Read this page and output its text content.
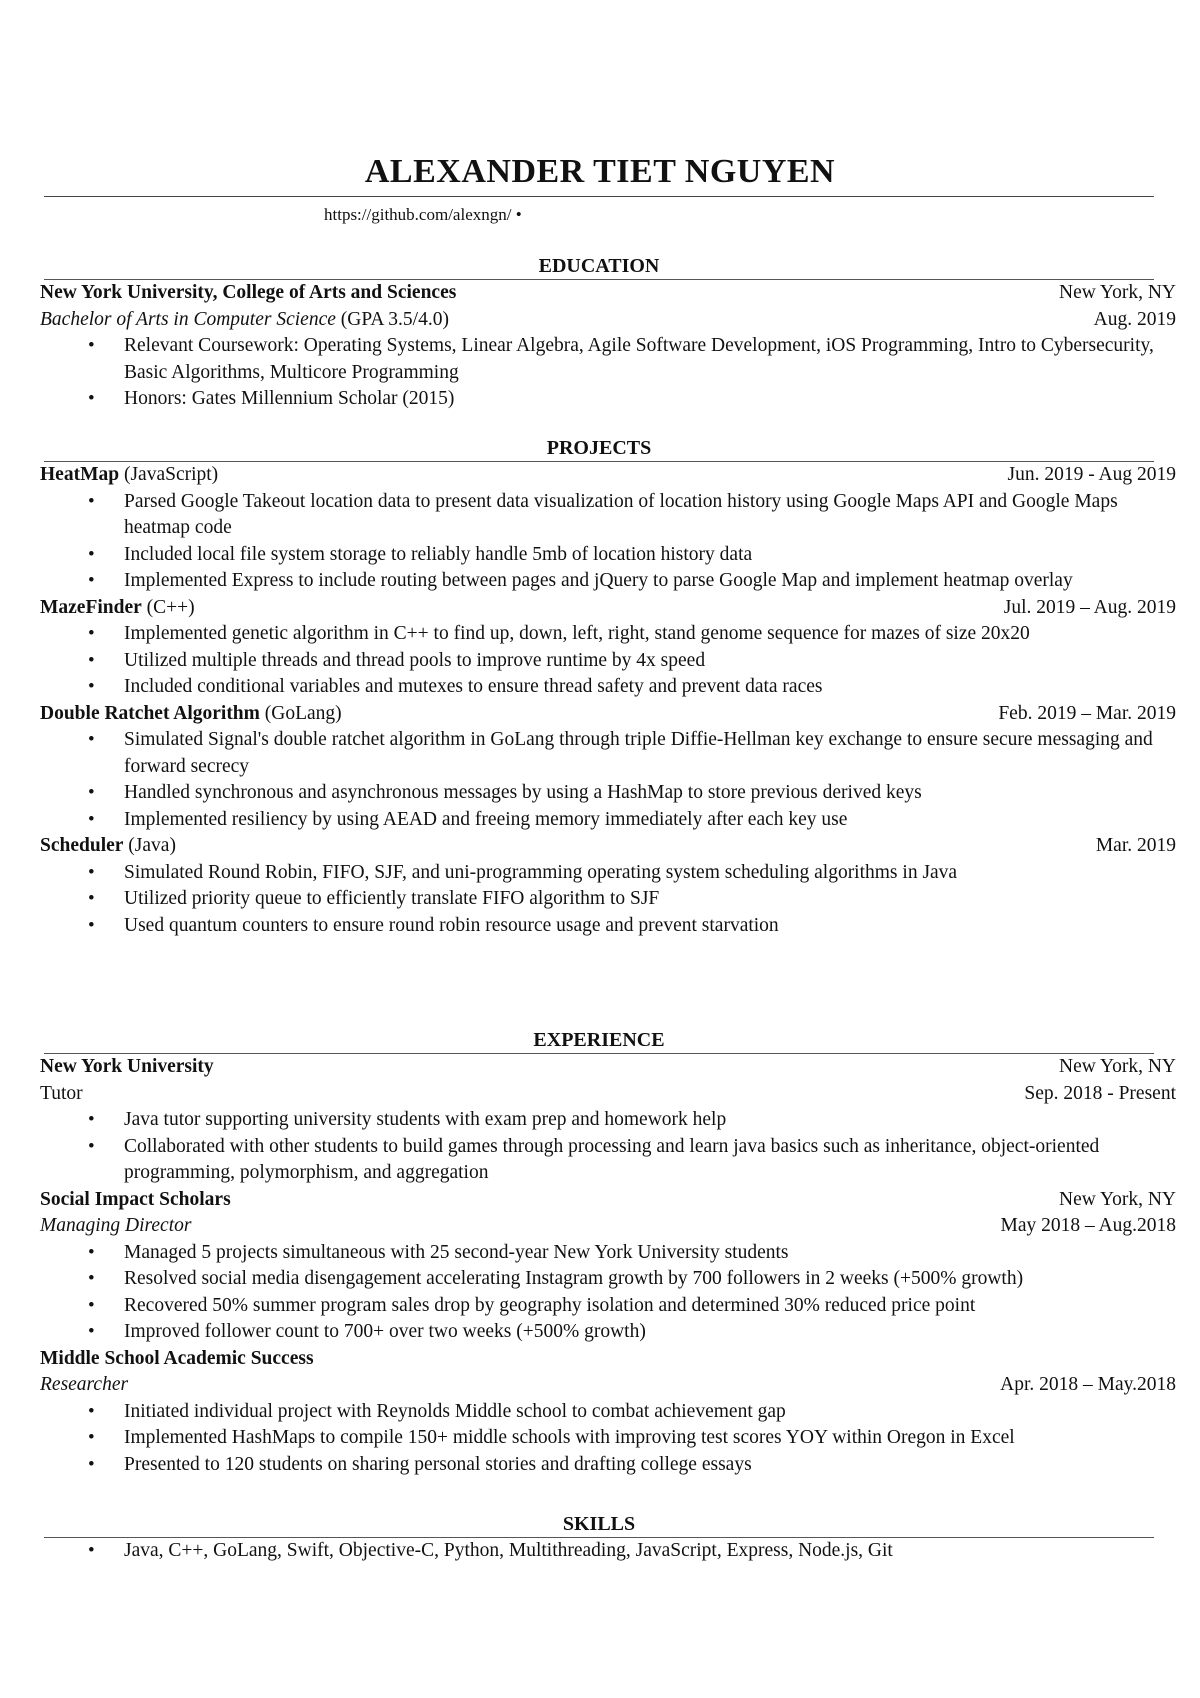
ALEXANDER TIET NGUYEN
https://github.com/alexngn/ •
EDUCATION
New York University, College of Arts and Sciences	New York, NY
Bachelor of Arts in Computer Science (GPA 3.5/4.0)	Aug. 2019
• Relevant Coursework: Operating Systems, Linear Algebra, Agile Software Development, iOS Programming, Intro to Cybersecurity, Basic Algorithms, Multicore Programming
• Honors: Gates Millennium Scholar (2015)
PROJECTS
HeatMap (JavaScript)	Jun. 2019 - Aug 2019
• Parsed Google Takeout location data to present data visualization of location history using Google Maps API and Google Maps heatmap code
• Included local file system storage to reliably handle 5mb of location history data
• Implemented Express to include routing between pages and jQuery to parse Google Map and implement heatmap overlay
MazeFinder (C++)	Jul. 2019 – Aug. 2019
• Implemented genetic algorithm in C++ to find up, down, left, right, stand genome sequence for mazes of size 20x20
• Utilized multiple threads and thread pools to improve runtime by 4x speed
• Included conditional variables and mutexes to ensure thread safety and prevent data races
Double Ratchet Algorithm (GoLang)	Feb. 2019 – Mar. 2019
• Simulated Signal's double ratchet algorithm in GoLang through triple Diffie-Hellman key exchange to ensure secure messaging and forward secrecy
• Handled synchronous and asynchronous messages by using a HashMap to store previous derived keys
• Implemented resiliency by using AEAD and freeing memory immediately after each key use
Scheduler (Java)	Mar. 2019
• Simulated Round Robin, FIFO, SJF, and uni-programming operating system scheduling algorithms in Java
• Utilized priority queue to efficiently translate FIFO algorithm to SJF
• Used quantum counters to ensure round robin resource usage and prevent starvation
EXPERIENCE
New York University	New York, NY
Tutor	Sep. 2018 - Present
• Java tutor supporting university students with exam prep and homework help
• Collaborated with other students to build games through processing and learn java basics such as inheritance, object-oriented programming, polymorphism, and aggregation
Social Impact Scholars	New York, NY
Managing Director	May 2018 – Aug.2018
• Managed 5 projects simultaneous with 25 second-year New York University students
• Resolved social media disengagement accelerating Instagram growth by 700 followers in 2 weeks (+500% growth)
• Recovered 50% summer program sales drop by geography isolation and determined 30% reduced price point
• Improved follower count to 700+ over two weeks (+500% growth)
Middle School Academic Success
Researcher	Apr. 2018 – May.2018
• Initiated individual project with Reynolds Middle school to combat achievement gap
• Implemented HashMaps to compile 150+ middle schools with improving test scores YOY within Oregon in Excel
• Presented to 120 students on sharing personal stories and drafting college essays
SKILLS
• Java, C++, GoLang, Swift, Objective-C, Python, Multithreading, JavaScript, Express, Node.js, Git
